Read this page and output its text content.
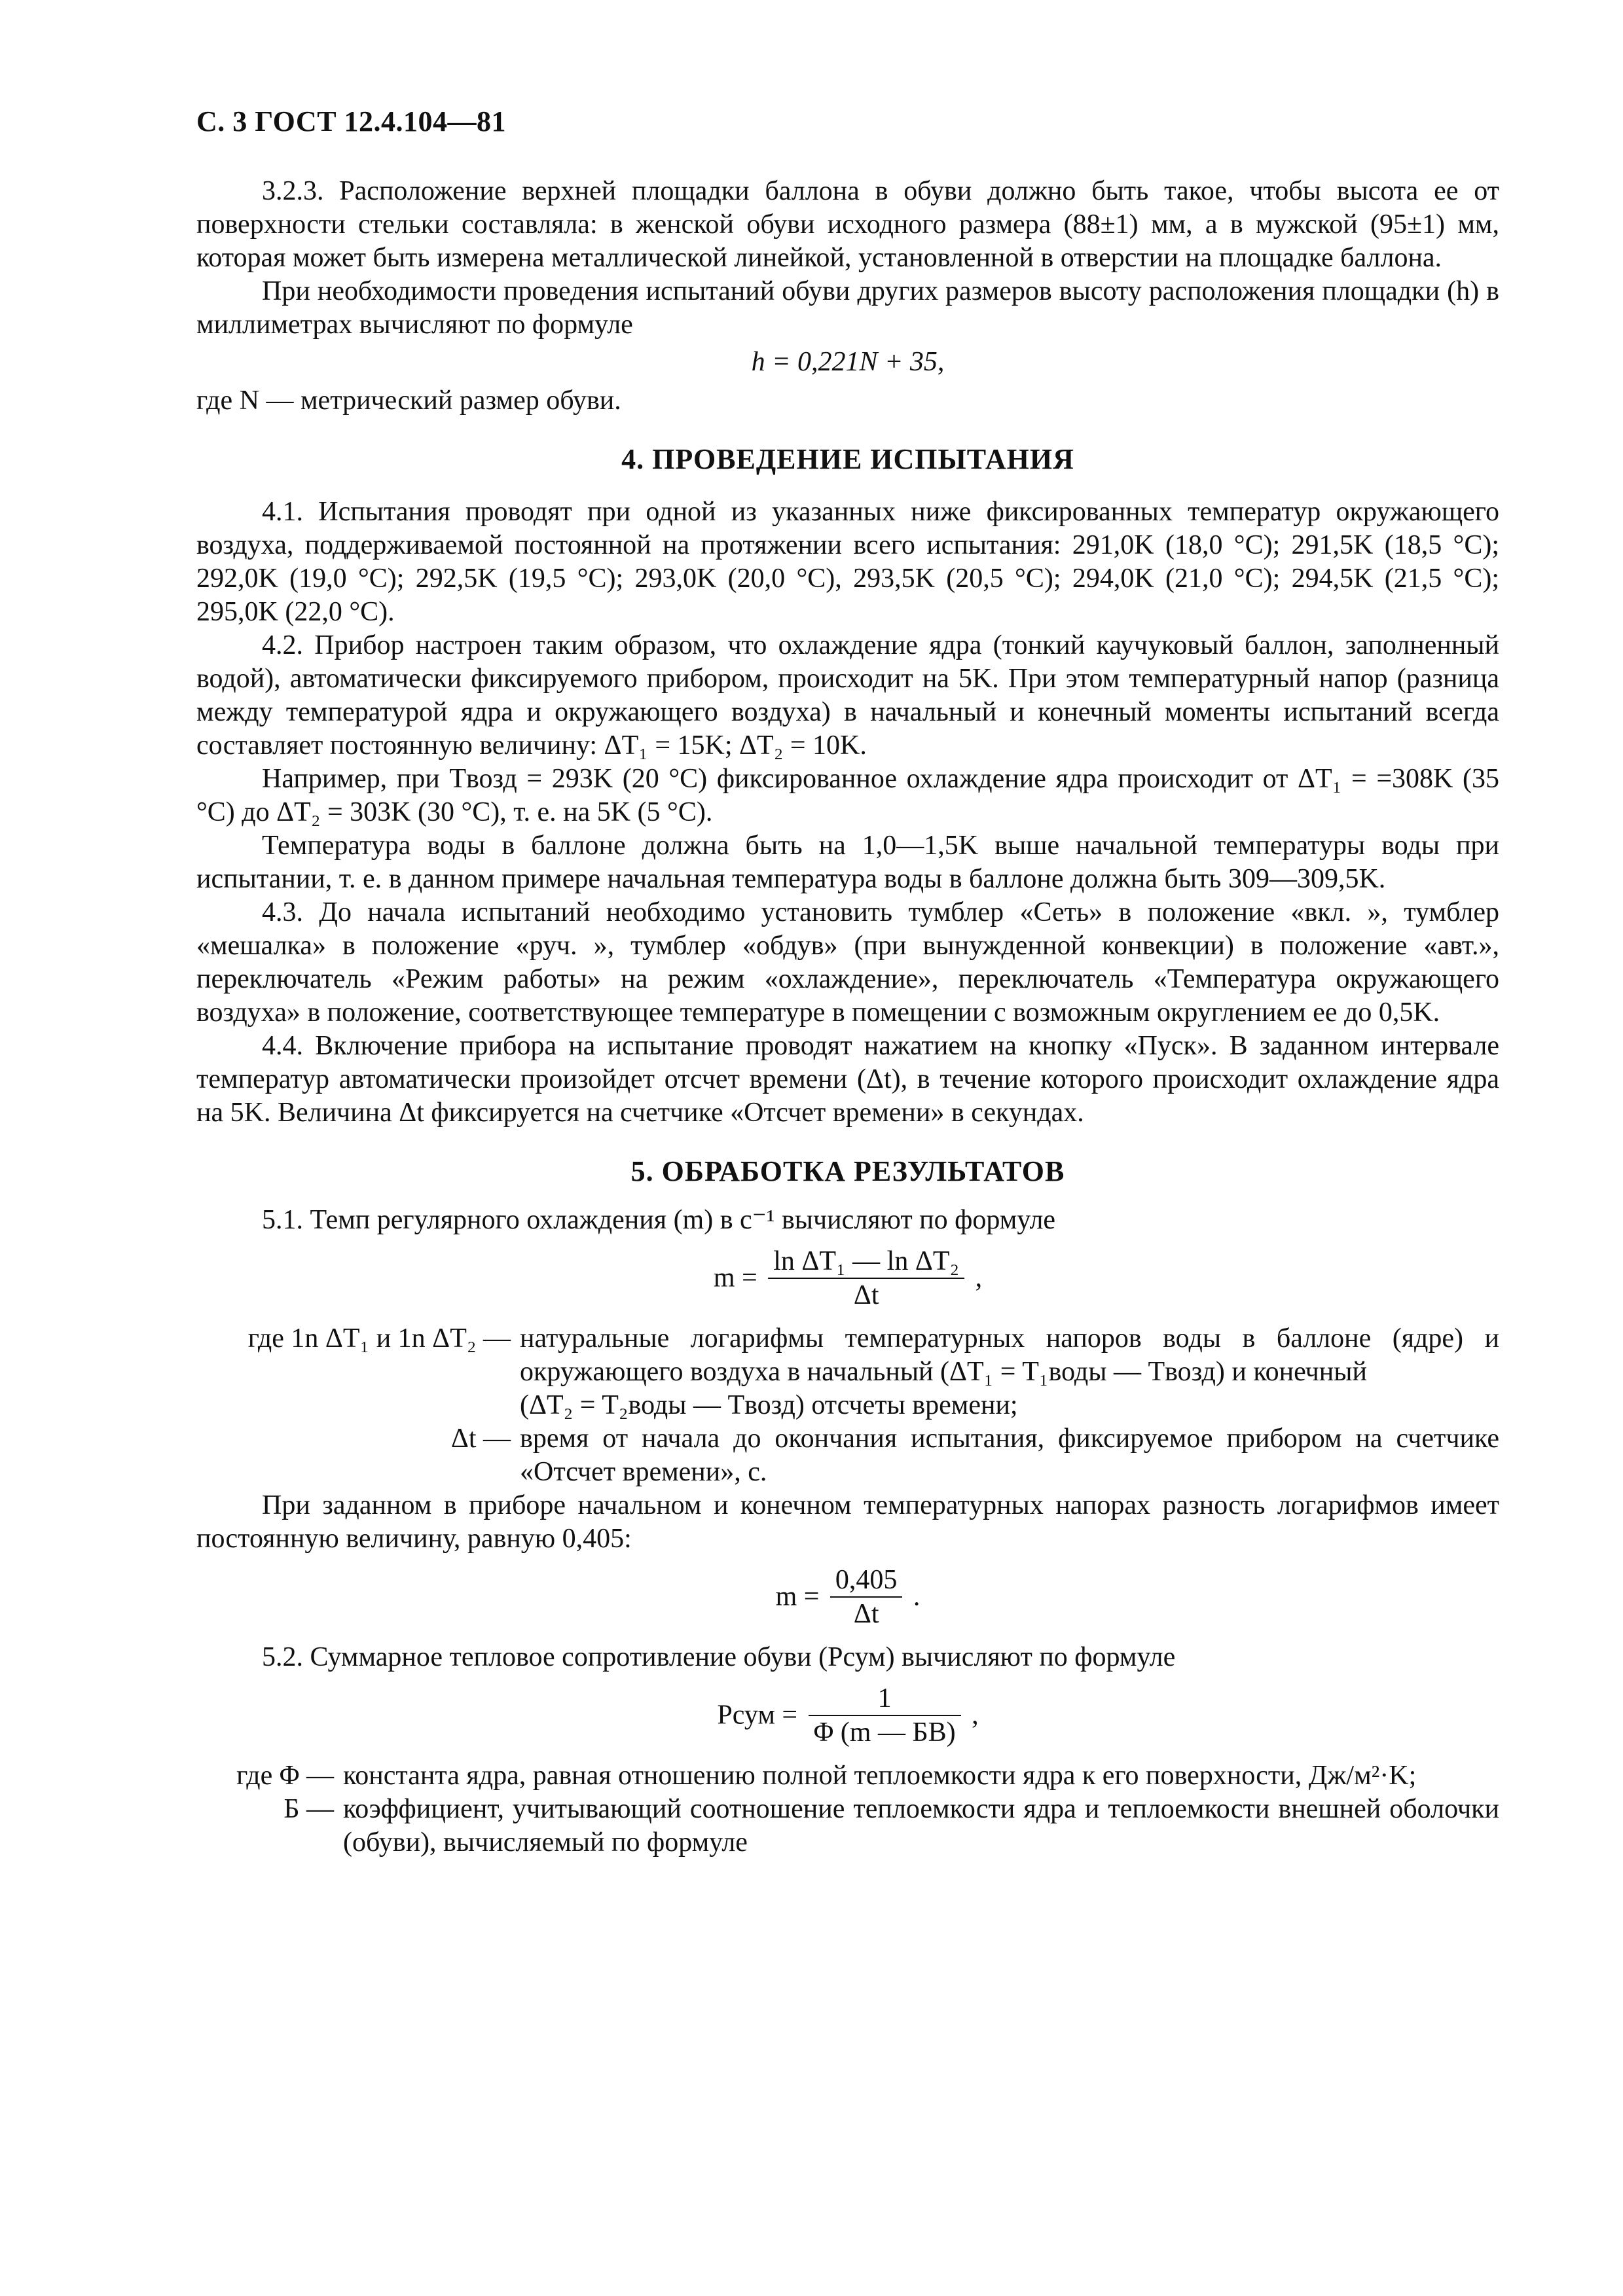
С. 3 ГОСТ 12.4.104—81

3.2.3. Расположение верхней площадки баллона в обуви должно быть такое, чтобы высота ее от поверхности стельки составляла: в женской обуви исходного размера (88±1) мм, а в мужской (95±1) мм, которая может быть измерена металлической линейкой, установленной в отверстии на площадке баллона.

При необходимости проведения испытаний обуви других размеров высоту расположения площадки (h) в миллиметрах вычисляют по формуле

h = 0,221N + 35,

где N — метрический размер обуви.

4. ПРОВЕДЕНИЕ ИСПЫТАНИЯ

4.1. Испытания проводят при одной из указанных ниже фиксированных температур окружающего воздуха, поддерживаемой постоянной на протяжении всего испытания: 291,0K (18,0 °C); 291,5K (18,5 °C); 292,0K (19,0 °C); 292,5K (19,5 °C); 293,0K (20,0 °C), 293,5K (20,5 °C); 294,0K (21,0 °C); 294,5K (21,5 °C); 295,0K (22,0 °C).

4.2. Прибор настроен таким образом, что охлаждение ядра (тонкий каучуковый баллон, заполненный водой), автоматически фиксируемого прибором, происходит на 5K. При этом температурный напор (разница между температурой ядра и окружающего воздуха) в начальный и конечный моменты испытаний всегда составляет постоянную величину: ΔT₁ = 15K; ΔT₂ = 10K.

Например, при Tвозд = 293K (20 °C) фиксированное охлаждение ядра происходит от ΔT₁ = =308K (35 °C) до ΔT₂ = 303K (30 °C), т. е. на 5K (5 °C).

Температура воды в баллоне должна быть на 1,0—1,5K выше начальной температуры воды при испытании, т. е. в данном примере начальная температура воды в баллоне должна быть 309—309,5K.

4.3. До начала испытаний необходимо установить тумблер «Сеть» в положение «вкл. », тумблер «мешалка» в положение «руч. », тумблер «обдув» (при вынужденной конвекции) в положение «авт.», переключатель «Режим работы» на режим «охлаждение», переключатель «Температура окружающего воздуха» в положение, соответствующее температуре в помещении с возможным округлением ее до 0,5K.

4.4. Включение прибора на испытание проводят нажатием на кнопку «Пуск». В заданном интервале температур автоматически произойдет отсчет времени (Δt), в течение которого происходит охлаждение ядра на 5K. Величина Δt фиксируется на счетчике «Отсчет времени» в секундах.

5. ОБРАБОТКА РЕЗУЛЬТАТОВ

5.1. Темп регулярного охлаждения (m) в с⁻¹ вычисляют по формуле

$m = \frac{\text{ln ΔT₁ — ln ΔT₂}}{\Delta t}$ ,
где 1n ΔT₁ и 1n ΔT₂ — натуральные логарифмы температурных напоров воды в баллоне (ядре) и окружающего воздуха в начальный (ΔT₁ = T₁воды — Tвозд) и конечный
(ΔT₂ = T₂воды — Tвозд) отсчеты времени;
Δt — время от начала до окончания испытания, фиксируемое прибором на счетчике «Отсчет времени», с.

При заданном в приборе начальном и конечном температурных напорах разность логарифмов имеет постоянную величину, равную 0,405:

$m = \frac{0,405}{\Delta t}$ .

5.2. Суммарное тепловое сопротивление обуви (Pсум) вычисляют по формуле

Pсум = $\frac{1}{\Phi (m — БB)}$ ,
где Φ — константа ядра, равная отношению полной теплоемкости ядра к его поверхности, Дж/м²·K;
Б — коэффициент, учитывающий соотношение теплоемкости ядра и теплоемкости внешней оболочки (обуви), вычисляемый по формуле
